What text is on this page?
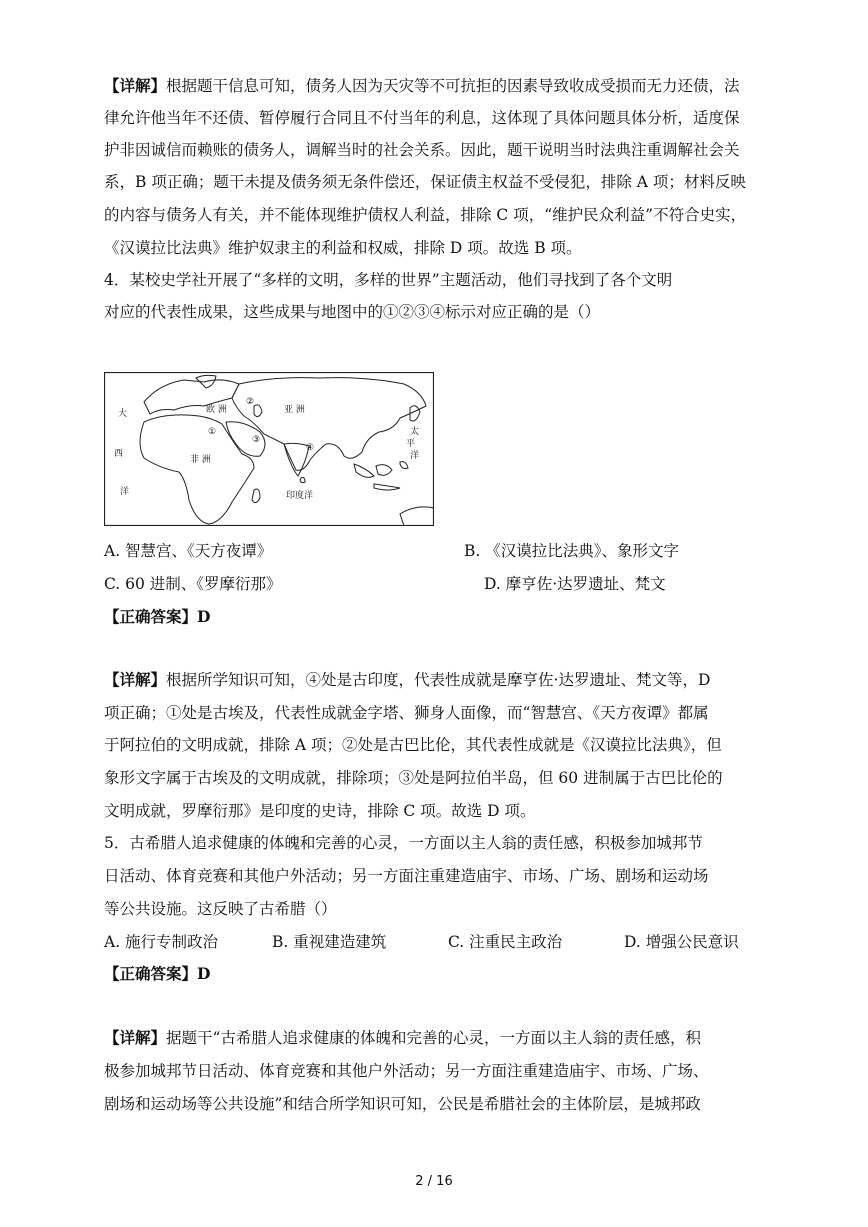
【详解】根据题干信息可知，债务人因为天灾等不可抗拒的因素导致收成受损而无力还债，法
律允许他当年不还债、暂停履行合同且不付当年的利息，这体现了具体问题具体分析，适度保
护非因诚信而赖账的债务人，调解当时的社会关系。因此，题干说明当时法典注重调解社会关
系，B 项正确；题干未提及债务须无条件偿还，保证债主权益不受侵犯，排除 A 项；材料反映
的内容与债务人有关，并不能体现维护债权人利益，排除 C 项，“维护民众利益”不符合史实，
《汉谟拉比法典》维护奴隶主的利益和权威，排除 D 项。故选 B 项。
4．某校史学社开展了“多样的文明，多样的世界”主题活动，他们寻找到了各个文明
对应的代表性成果，这些成果与地图中的①②③④标示对应正确的是（）
大
西
洋
欧 洲	亚 洲
非 洲
太
平
洋
印度洋
①
②
③
④
A. 智慧宫、《天方夜谭》	B. 《汉谟拉比法典》、象形文字
C. 60 进制、《罗摩衍那》	D. 摩亨佐·达罗遗址、梵文
【正确答案】D
【详解】根据所学知识可知，④处是古印度，代表性成就是摩亨佐·达罗遗址、梵文等，D
项正确；①处是古埃及，代表性成就金字塔、狮身人面像，而“智慧宫、《天方夜谭》都属
于阿拉伯的文明成就，排除 A 项；②处是古巴比伦，其代表性成就是《汉谟拉比法典》，但
象形文字属于古埃及的文明成就，排除项；③处是阿拉伯半岛，但 60 进制属于古巴比伦的
文明成就，罗摩衍那》是印度的史诗，排除 C 项。故选 D 项。
5．古希腊人追求健康的体魄和完善的心灵，一方面以主人翁的责任感，积极参加城邦节
日活动、体育竞赛和其他户外活动；另一方面注重建造庙宇、市场、广场、剧场和运动场
等公共设施。这反映了古希腊（）
A. 施行专制政治	B. 重视建造建筑	C. 注重民主政治	D. 增强公民意识
【正确答案】D
【详解】据题干“古希腊人追求健康的体魄和完善的心灵，一方面以主人翁的责任感，积
极参加城邦节日活动、体育竞赛和其他户外活动；另一方面注重建造庙宇、市场、广场、
剧场和运动场等公共设施”和结合所学知识可知，公民是希腊社会的主体阶层，是城邦政
2 / 16
